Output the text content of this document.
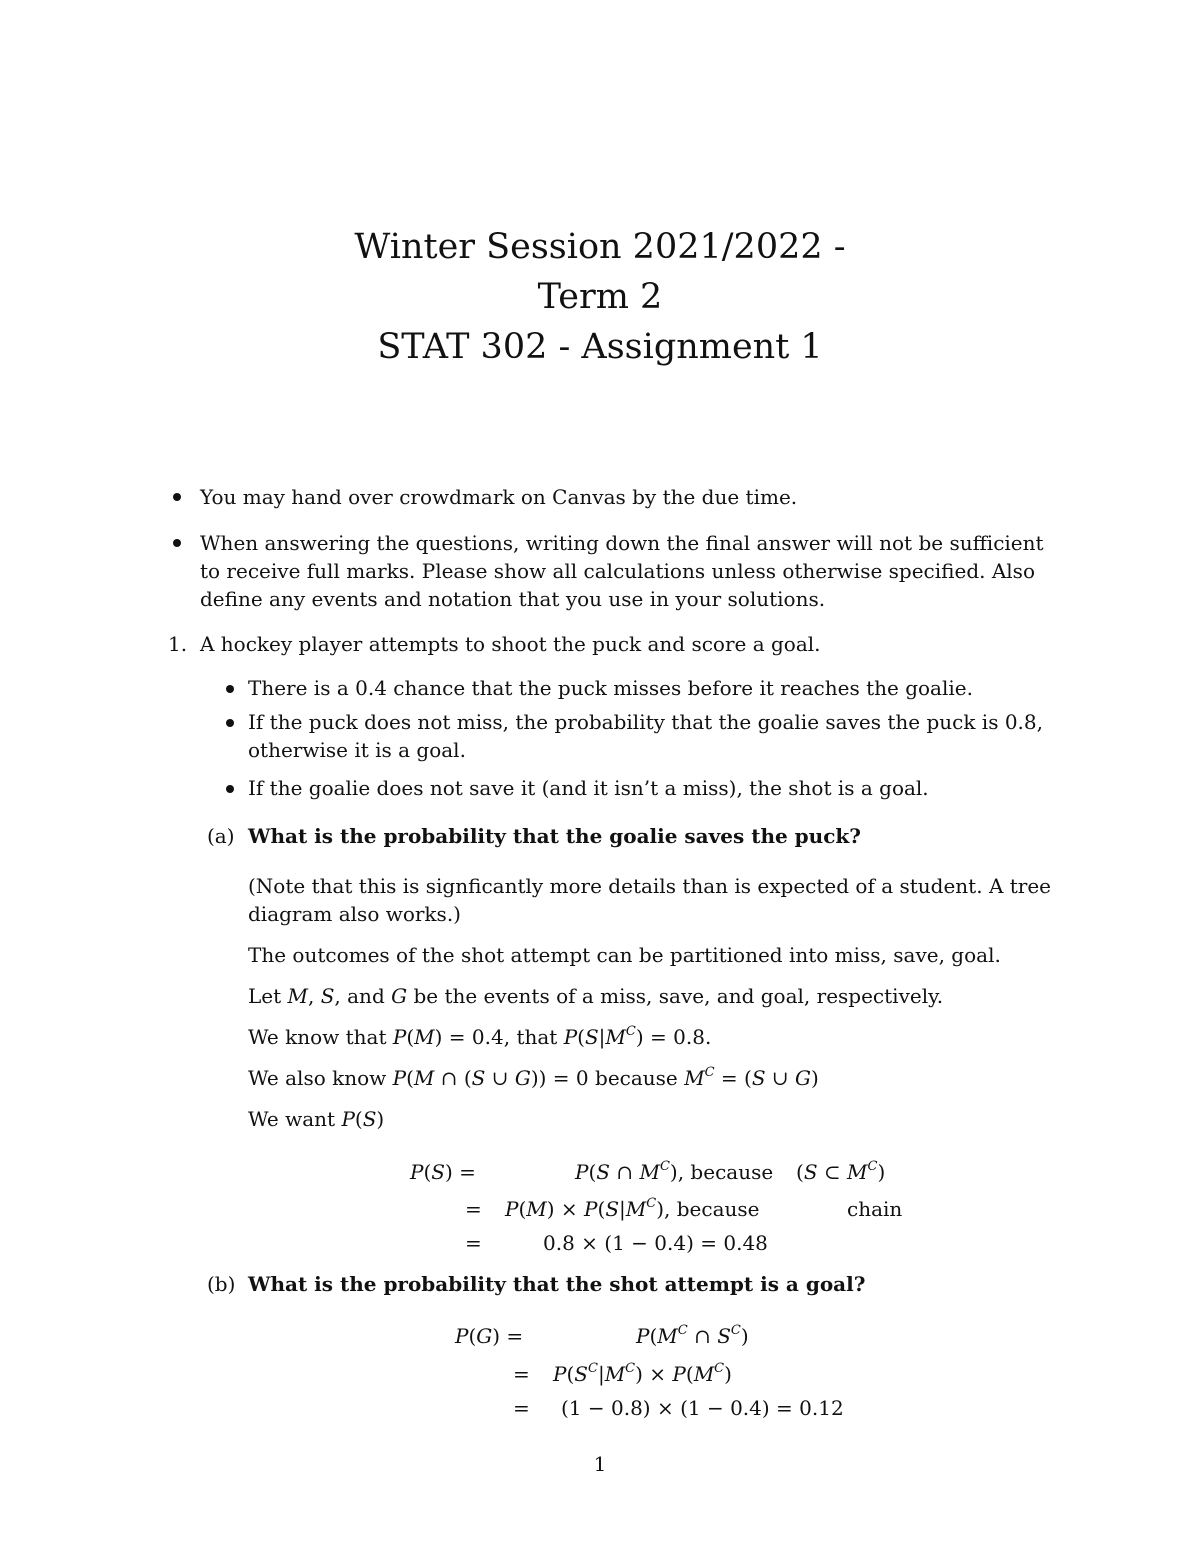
Winter Session 2021/2022 -
Term 2
STAT 302 - Assignment 1
You may hand over crowdmark on Canvas by the due time.
When answering the questions, writing down the final answer will not be sufficient to receive full marks. Please show all calculations unless otherwise specified. Also define any events and notation that you use in your solutions.
1. A hockey player attempts to shoot the puck and score a goal.
There is a 0.4 chance that the puck misses before it reaches the goalie.
If the puck does not miss, the probability that the goalie saves the puck is 0.8, otherwise it is a goal.
If the goalie does not save it (and it isn’t a miss), the shot is a goal.
(a) What is the probability that the goalie saves the puck?
(Note that this is signficantly more details than is expected of a student. A tree diagram also works.)
The outcomes of the shot attempt can be partitioned into miss, save, goal.
Let M, S, and G be the events of a miss, save, and goal, respectively.
We know that P(M) = 0.4, that $P(S|M^C) = 0.8$.
We also know P(M ∩ (S ∪ G)) = 0 because $M^C = (S$ ∪ G)
We want P(S)
P(S) =	P(S ∩ $M^C$), because (S ⊂ $M^C$)
= $P(M) \times P(S|M^C)$, because	chain
=	0.8 × (1 − 0.4) = 0.48
(b) What is the probability that the shot attempt is a goal?
P(G) =	$P(M^C$ ∩ $S^C$)
= $P(S^C|M^C) \times P(M^C)$
= (1 − 0.8) × (1 − 0.4) = 0.12
1
